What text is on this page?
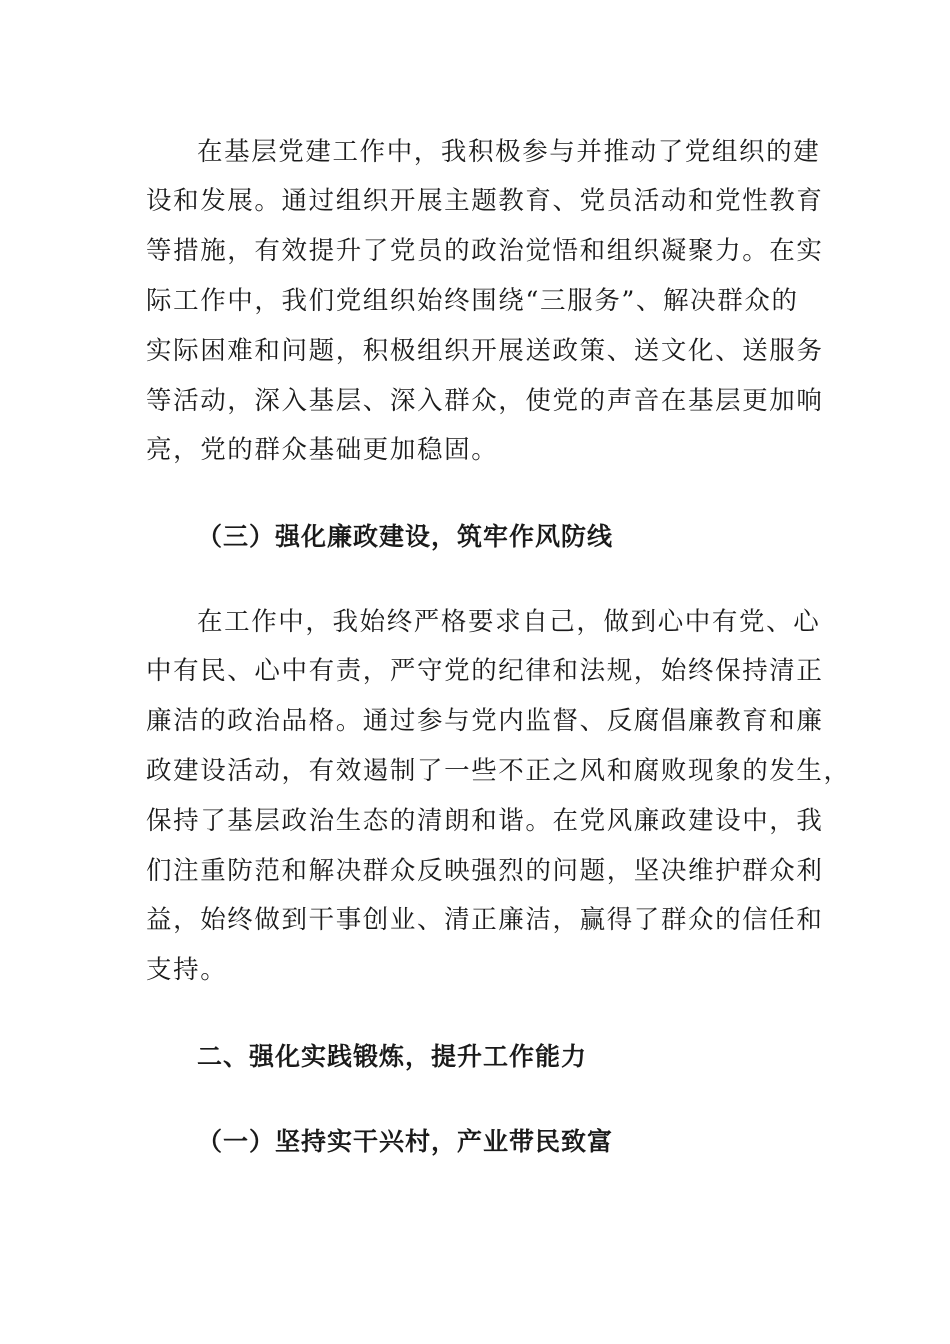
在基层党建工作中，我积极参与并推动了党组织的建
设和发展。通过组织开展主题教育、党员活动和党性教育
等措施，有效提升了党员的政治觉悟和组织凝聚力。在实
际工作中，我们党组织始终围绕“三服务”、解决群众的
实际困难和问题，积极组织开展送政策、送文化、送服务
等活动，深入基层、深入群众，使党的声音在基层更加响
亮，党的群众基础更加稳固。
（三）强化廉政建设，筑牢作风防线
在工作中，我始终严格要求自己，做到心中有党、心
中有民、心中有责，严守党的纪律和法规，始终保持清正
廉洁的政治品格。通过参与党内监督、反腐倡廉教育和廉
政建设活动，有效遏制了一些不正之风和腐败现象的发生，
保持了基层政治生态的清朗和谐。在党风廉政建设中，我
们注重防范和解决群众反映强烈的问题，坚决维护群众利
益，始终做到干事创业、清正廉洁，赢得了群众的信任和
支持。
二、强化实践锻炼，提升工作能力
（一）坚持实干兴村，产业带民致富
